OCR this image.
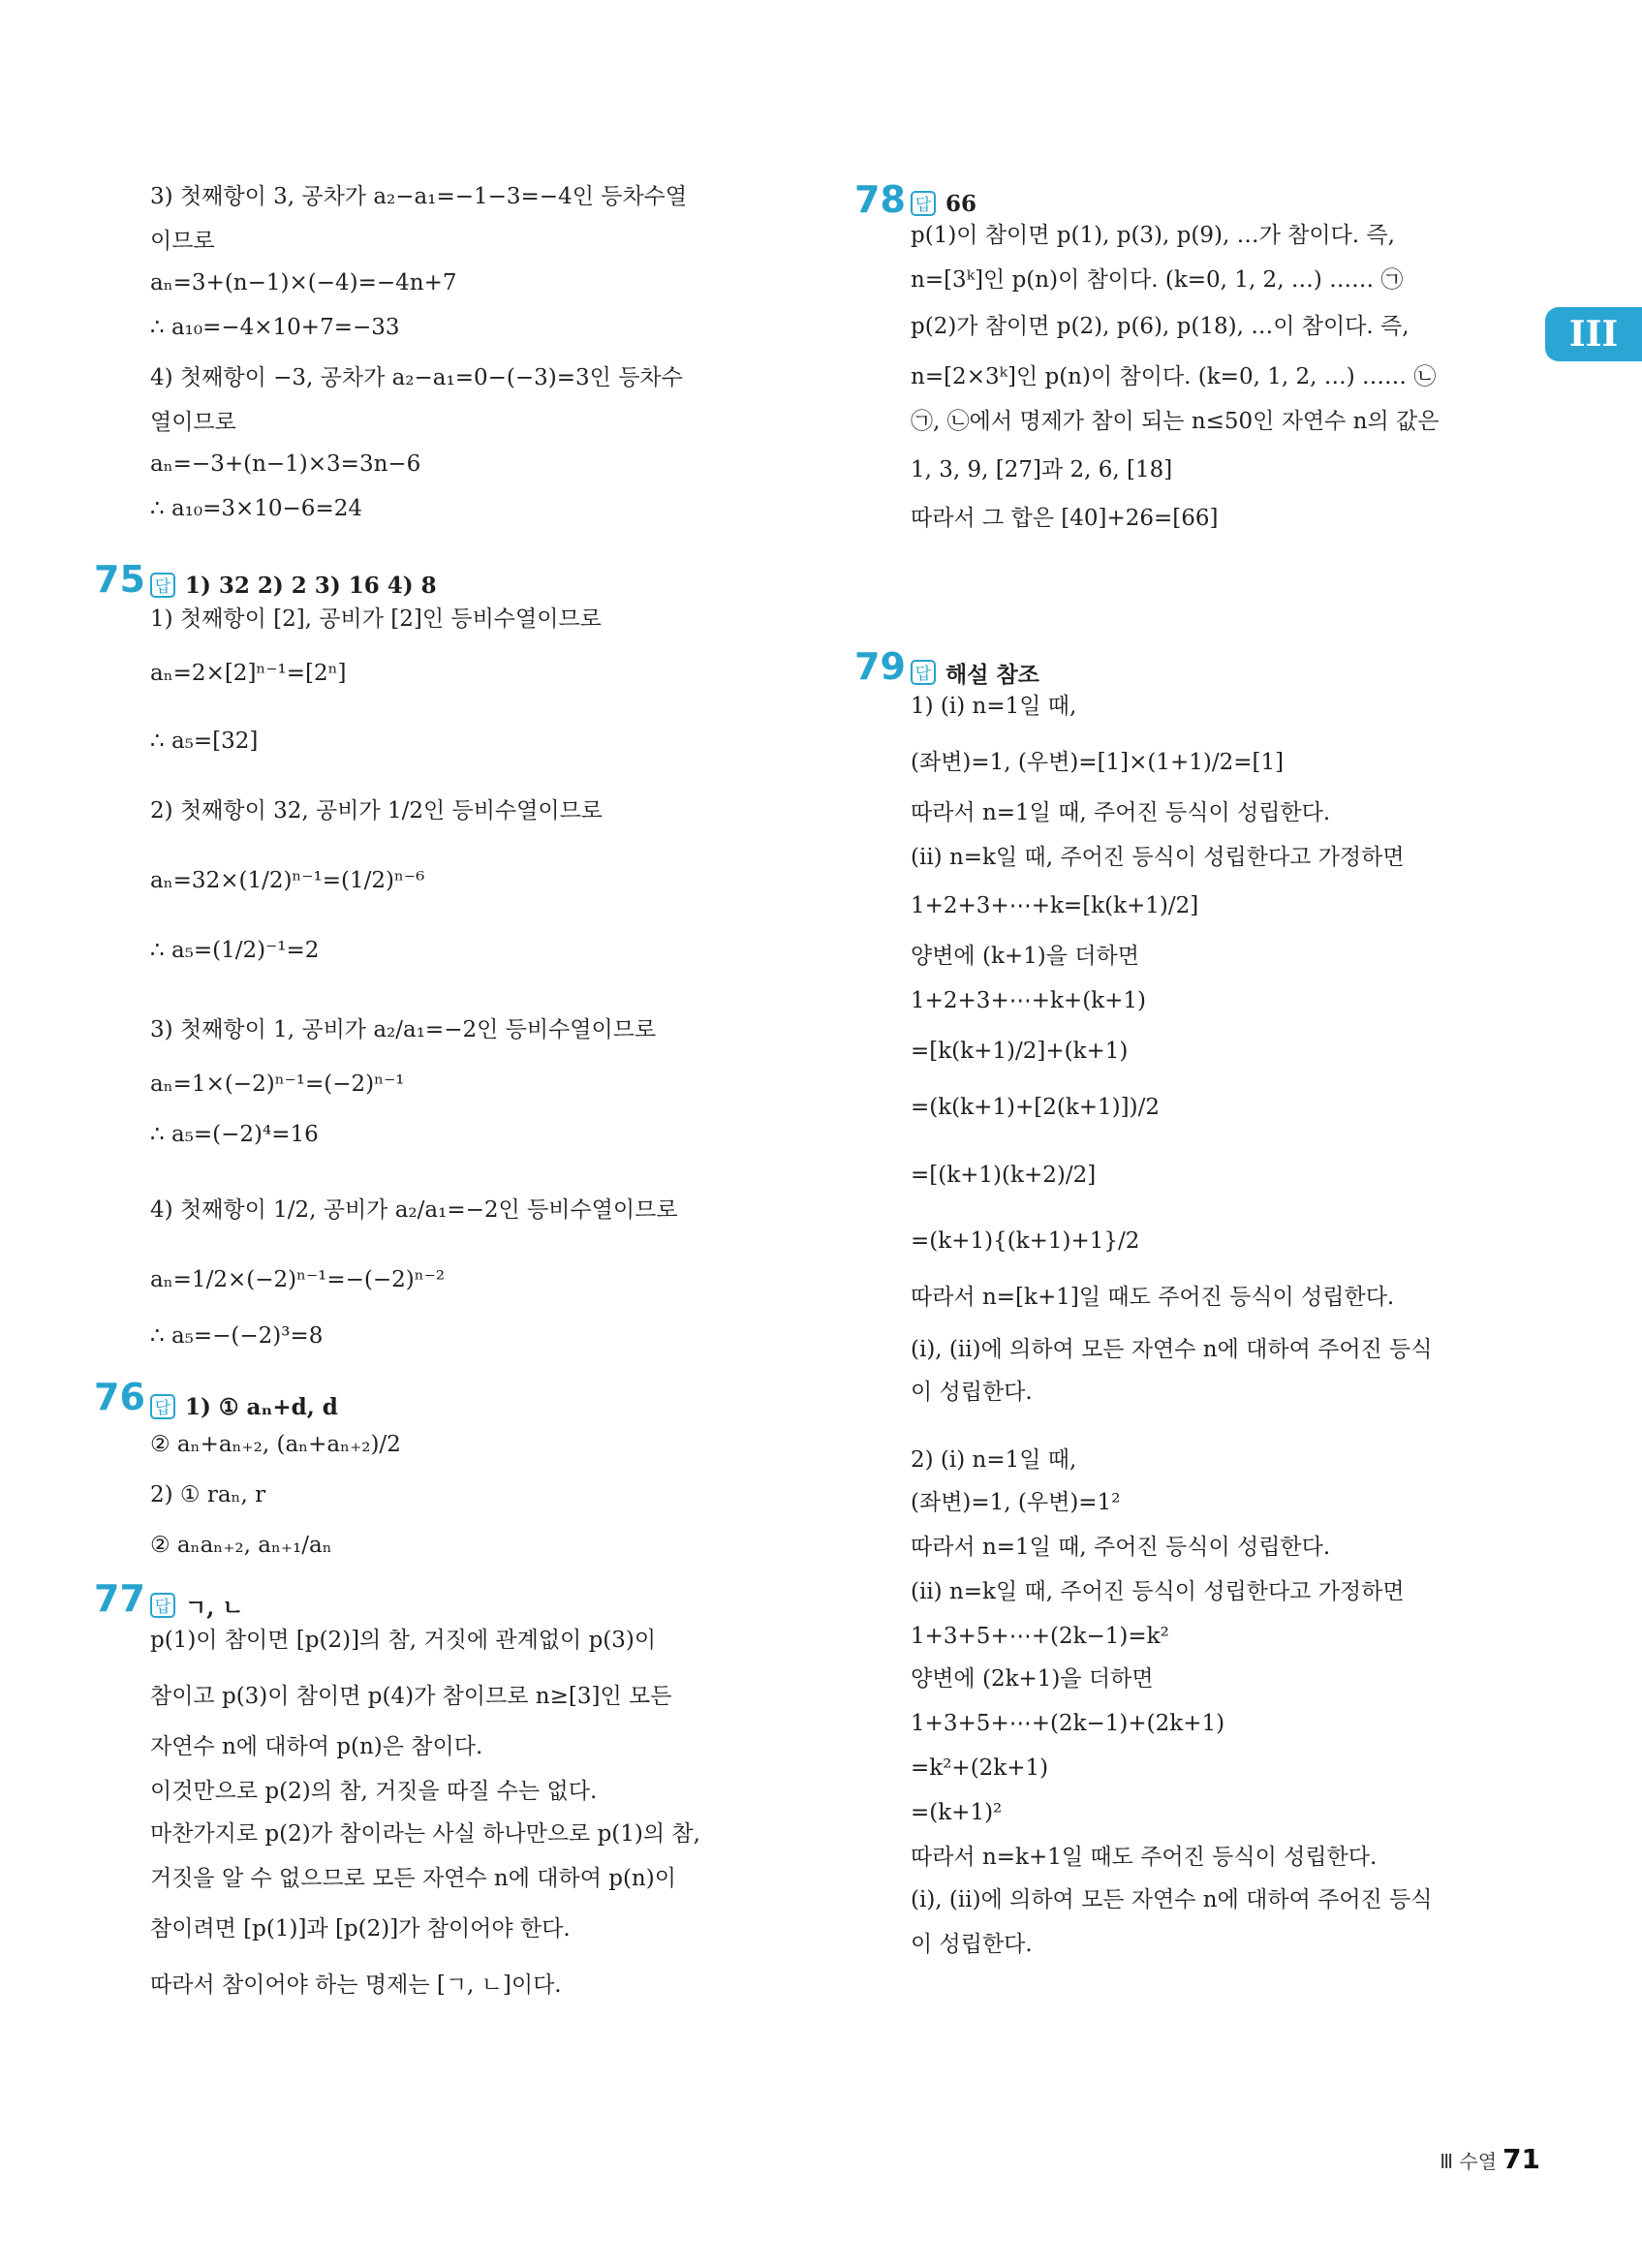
III

3) 첫째항이 3, 공차가 a₂−a₁=−1−3=−4인 등차수열

이므로

aₙ=3+(n−1)×(−4)=−4n+7

∴ a₁₀=−4×10+7=−33

4) 첫째항이 −3, 공차가 a₂−a₁=0−(−3)=3인 등차수

열이므로

aₙ=−3+(n−1)×3=3n−6

∴ a₁₀=3×10−6=24

75 답 1) 32 2) 2 3) 16 4) 8

1) 첫째항이 [2], 공비가 [2]인 등비수열이므로

aₙ=2×[2]ⁿ⁻¹=[2ⁿ]

∴ a₅=[32]

2) 첫째항이 32, 공비가 1/2인 등비수열이므로

aₙ=32×(1/2)ⁿ⁻¹=(1/2)ⁿ⁻⁶

∴ a₅=(1/2)⁻¹=2

3) 첫째항이 1, 공비가 a₂/a₁=−2인 등비수열이므로

aₙ=1×(−2)ⁿ⁻¹=(−2)ⁿ⁻¹

∴ a₅=(−2)⁴=16

4) 첫째항이 1/2, 공비가 a₂/a₁=−2인 등비수열이므로

aₙ=1/2×(−2)ⁿ⁻¹=−(−2)ⁿ⁻²

∴ a₅=−(−2)³=8

76 답 1) ① aₙ+d, d

② aₙ+aₙ₊₂, (aₙ+aₙ₊₂)/2

2) ① raₙ, r

② aₙaₙ₊₂, aₙ₊₁/aₙ

77 답 ㄱ, ㄴ

p(1)이 참이면 [p(2)]의 참, 거짓에 관계없이 p(3)이

참이고 p(3)이 참이면 p(4)가 참이므로 n≥[3]인 모든

자연수 n에 대하여 p(n)은 참이다.

이것만으로 p(2)의 참, 거짓을 따질 수는 없다.

마찬가지로 p(2)가 참이라는 사실 하나만으로 p(1)의 참,

거짓을 알 수 없으므로 모든 자연수 n에 대하여 p(n)이

참이려면 [p(1)]과 [p(2)]가 참이어야 한다.

따라서 참이어야 하는 명제는 [ㄱ, ㄴ]이다.

78 답 66

p(1)이 참이면 p(1), p(3), p(9), …가 참이다. 즉,

n=[3ᵏ]인 p(n)이 참이다. (k=0, 1, 2, …) …… ㉠

p(2)가 참이면 p(2), p(6), p(18), …이 참이다. 즉,

n=[2×3ᵏ]인 p(n)이 참이다. (k=0, 1, 2, …) …… ㉡

㉠, ㉡에서 명제가 참이 되는 n≤50인 자연수 n의 값은

1, 3, 9, [27]과 2, 6, [18]

따라서 그 합은 [40]+26=[66]

79 답 해설 참조

1) (i) n=1일 때,

(좌변)=1, (우변)=[1]×(1+1)/2=[1]

따라서 n=1일 때, 주어진 등식이 성립한다.

(ii) n=k일 때, 주어진 등식이 성립한다고 가정하면

1+2+3+⋯+k=[k(k+1)/2]

양변에 (k+1)을 더하면

1+2+3+⋯+k+(k+1)

=[k(k+1)/2]+(k+1)

=(k(k+1)+[2(k+1)])/2

=[(k+1)(k+2)/2]

=(k+1){(k+1)+1}/2

따라서 n=[k+1]일 때도 주어진 등식이 성립한다.

(i), (ii)에 의하여 모든 자연수 n에 대하여 주어진 등식

이 성립한다.

2) (i) n=1일 때,

(좌변)=1, (우변)=1²

따라서 n=1일 때, 주어진 등식이 성립한다.

(ii) n=k일 때, 주어진 등식이 성립한다고 가정하면

1+3+5+⋯+(2k−1)=k²

양변에 (2k+1)을 더하면

1+3+5+⋯+(2k−1)+(2k+1)

=k²+(2k+1)

=(k+1)²

따라서 n=k+1일 때도 주어진 등식이 성립한다.

(i), (ii)에 의하여 모든 자연수 n에 대하여 주어진 등식

이 성립한다.

Ⅲ 수열 71
